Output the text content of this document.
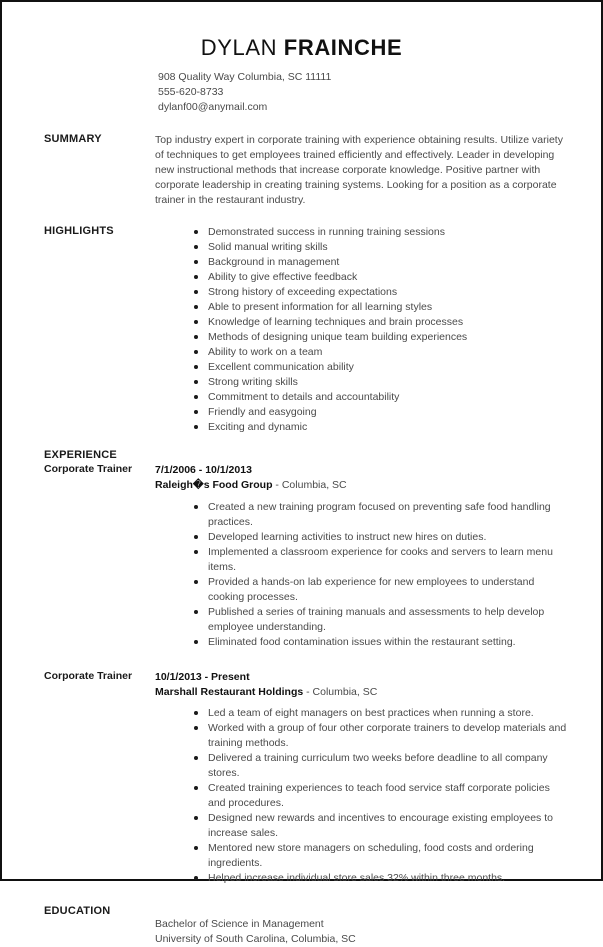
DYLAN FRAINCHE
908 Quality Way Columbia, SC 11111
555-620-8733
dylanf00@anymail.com
SUMMARY	Top industry expert in corporate training with experience obtaining results. Utilize variety of techniques to get employees trained efficiently and effectively. Leader in developing new instructional methods that increase corporate knowledge. Positive partner with corporate leadership in creating training systems. Looking for a position as a corporate trainer in the restaurant industry.
HIGHLIGHTS	Demonstrated success in running training sessions
Solid manual writing skills
Background in management
Ability to give effective feedback
Strong history of exceeding expectations
Able to present information for all learning styles
Knowledge of learning techniques and brain processes
Methods of designing unique team building experiences
Ability to work on a team
Excellent communication ability
Strong writing skills
Commitment to details and accountability
Friendly and easygoing
Exciting and dynamic
EXPERIENCE
Corporate Trainer 7/1/2006 - 10/1/2013
Raleigh�s Food Group - Columbia, SC
Created a new training program focused on preventing safe food handling practices.
Developed learning activities to instruct new hires on duties.
Implemented a classroom experience for cooks and servers to learn menu items.
Provided a hands-on lab experience for new employees to understand cooking processes.
Published a series of training manuals and assessments to help develop employee understanding.
Eliminated food contamination issues within the restaurant setting.
Corporate Trainer 10/1/2013 - Present
Marshall Restaurant Holdings - Columbia, SC
Led a team of eight managers on best practices when running a store.
Worked with a group of four other corporate trainers to develop materials and training methods.
Delivered a training curriculum two weeks before deadline to all company stores.
Created training experiences to teach food service staff corporate policies and procedures.
Designed new rewards and incentives to encourage existing employees to increase sales.
Mentored new store managers on scheduling, food costs and ordering ingredients.
Helped increase individual store sales 32% within three months.
EDUCATION
Bachelor of Science in Management
University of South Carolina, Columbia, SC
